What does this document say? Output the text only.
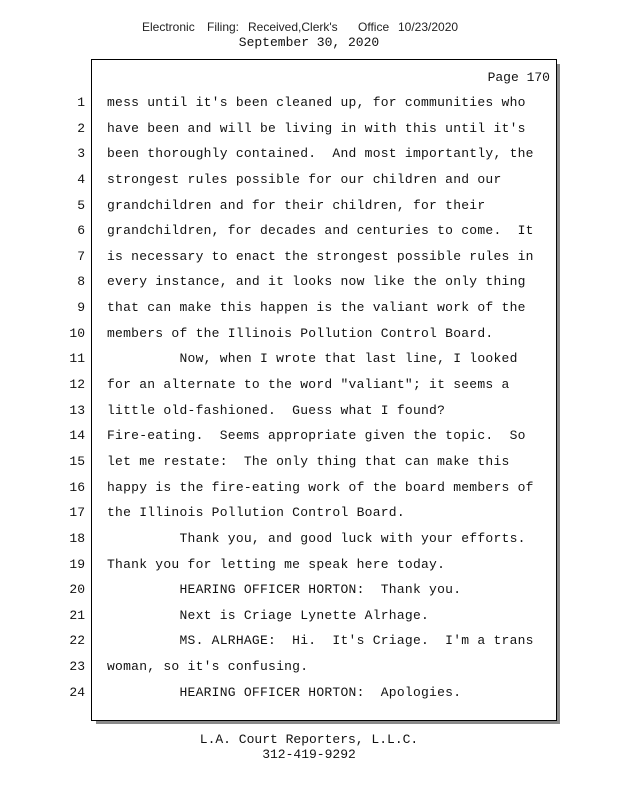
Electronic Filing: Received,Clerk's Office 10/23/2020
September 30, 2020
Page 170
1
2
3
4
5
6
7
8
9
10
11
12
13
14
15
16
17
18
19
20
21
22
23
24
mess until it's been cleaned up, for communities who
have been and will be living in with this until it's
been thoroughly contained.  And most importantly, the
strongest rules possible for our children and our
grandchildren and for their children, for their
grandchildren, for decades and centuries to come.  It
is necessary to enact the strongest possible rules in
every instance, and it looks now like the only thing
that can make this happen is the valiant work of the
members of the Illinois Pollution Control Board.
Now, when I wrote that last line, I looked
for an alternate to the word "valiant"; it seems a
little old-fashioned.  Guess what I found?
Fire-eating.  Seems appropriate given the topic.  So
let me restate:  The only thing that can make this
happy is the fire-eating work of the board members of
the Illinois Pollution Control Board.
Thank you, and good luck with your efforts.
Thank you for letting me speak here today.
HEARING OFFICER HORTON:  Thank you.
Next is Criage Lynette Alrhage.
MS. ALRHAGE:  Hi.  It's Criage.  I'm a trans
woman, so it's confusing.
HEARING OFFICER HORTON:  Apologies.
L.A. Court Reporters, L.L.C.
312-419-9292
